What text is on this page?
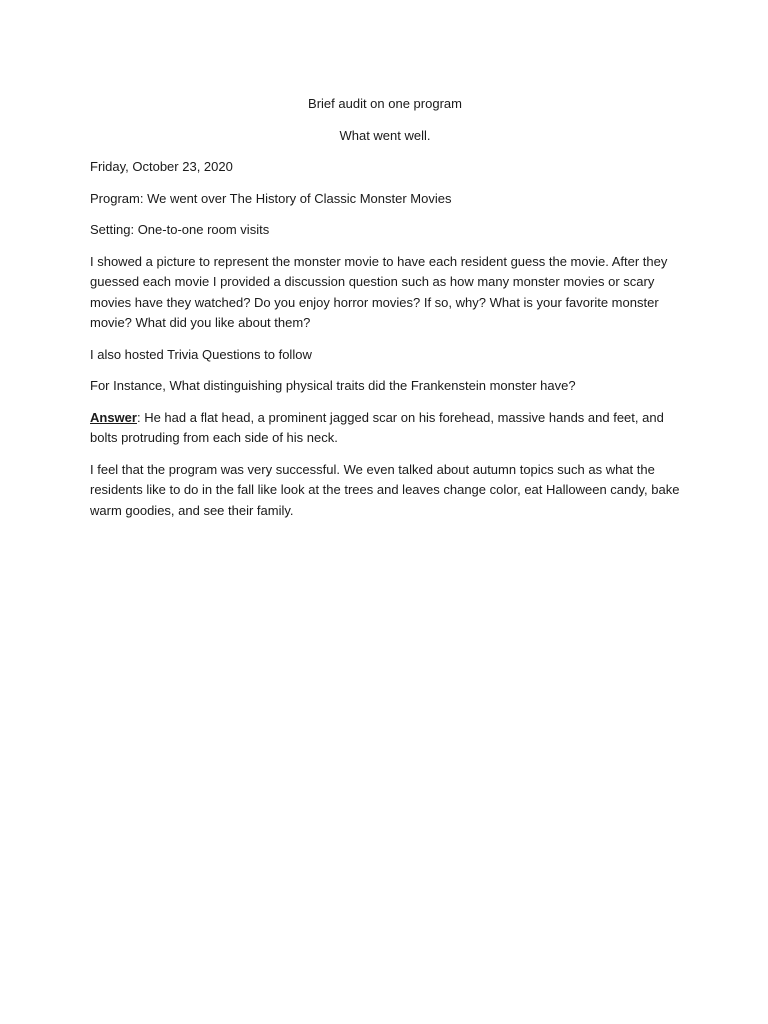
Brief audit on one program

What went well.

Friday, October 23, 2020

Program: We went over The History of Classic Monster Movies

Setting: One-to-one room visits

I showed a picture to represent the monster movie to have each resident guess the movie. After they guessed each movie I provided a discussion question such as how many monster movies or scary movies have they watched? Do you enjoy horror movies? If so, why? What is your favorite monster movie? What did you like about them?

I also hosted Trivia Questions to follow

For Instance, What distinguishing physical traits did the Frankenstein monster have?

Answer: He had a flat head, a prominent jagged scar on his forehead, massive hands and feet, and bolts protruding from each side of his neck.

I feel that the program was very successful. We even talked about autumn topics such as what the residents like to do in the fall like look at the trees and leaves change color, eat Halloween candy, bake warm goodies, and see their family.
